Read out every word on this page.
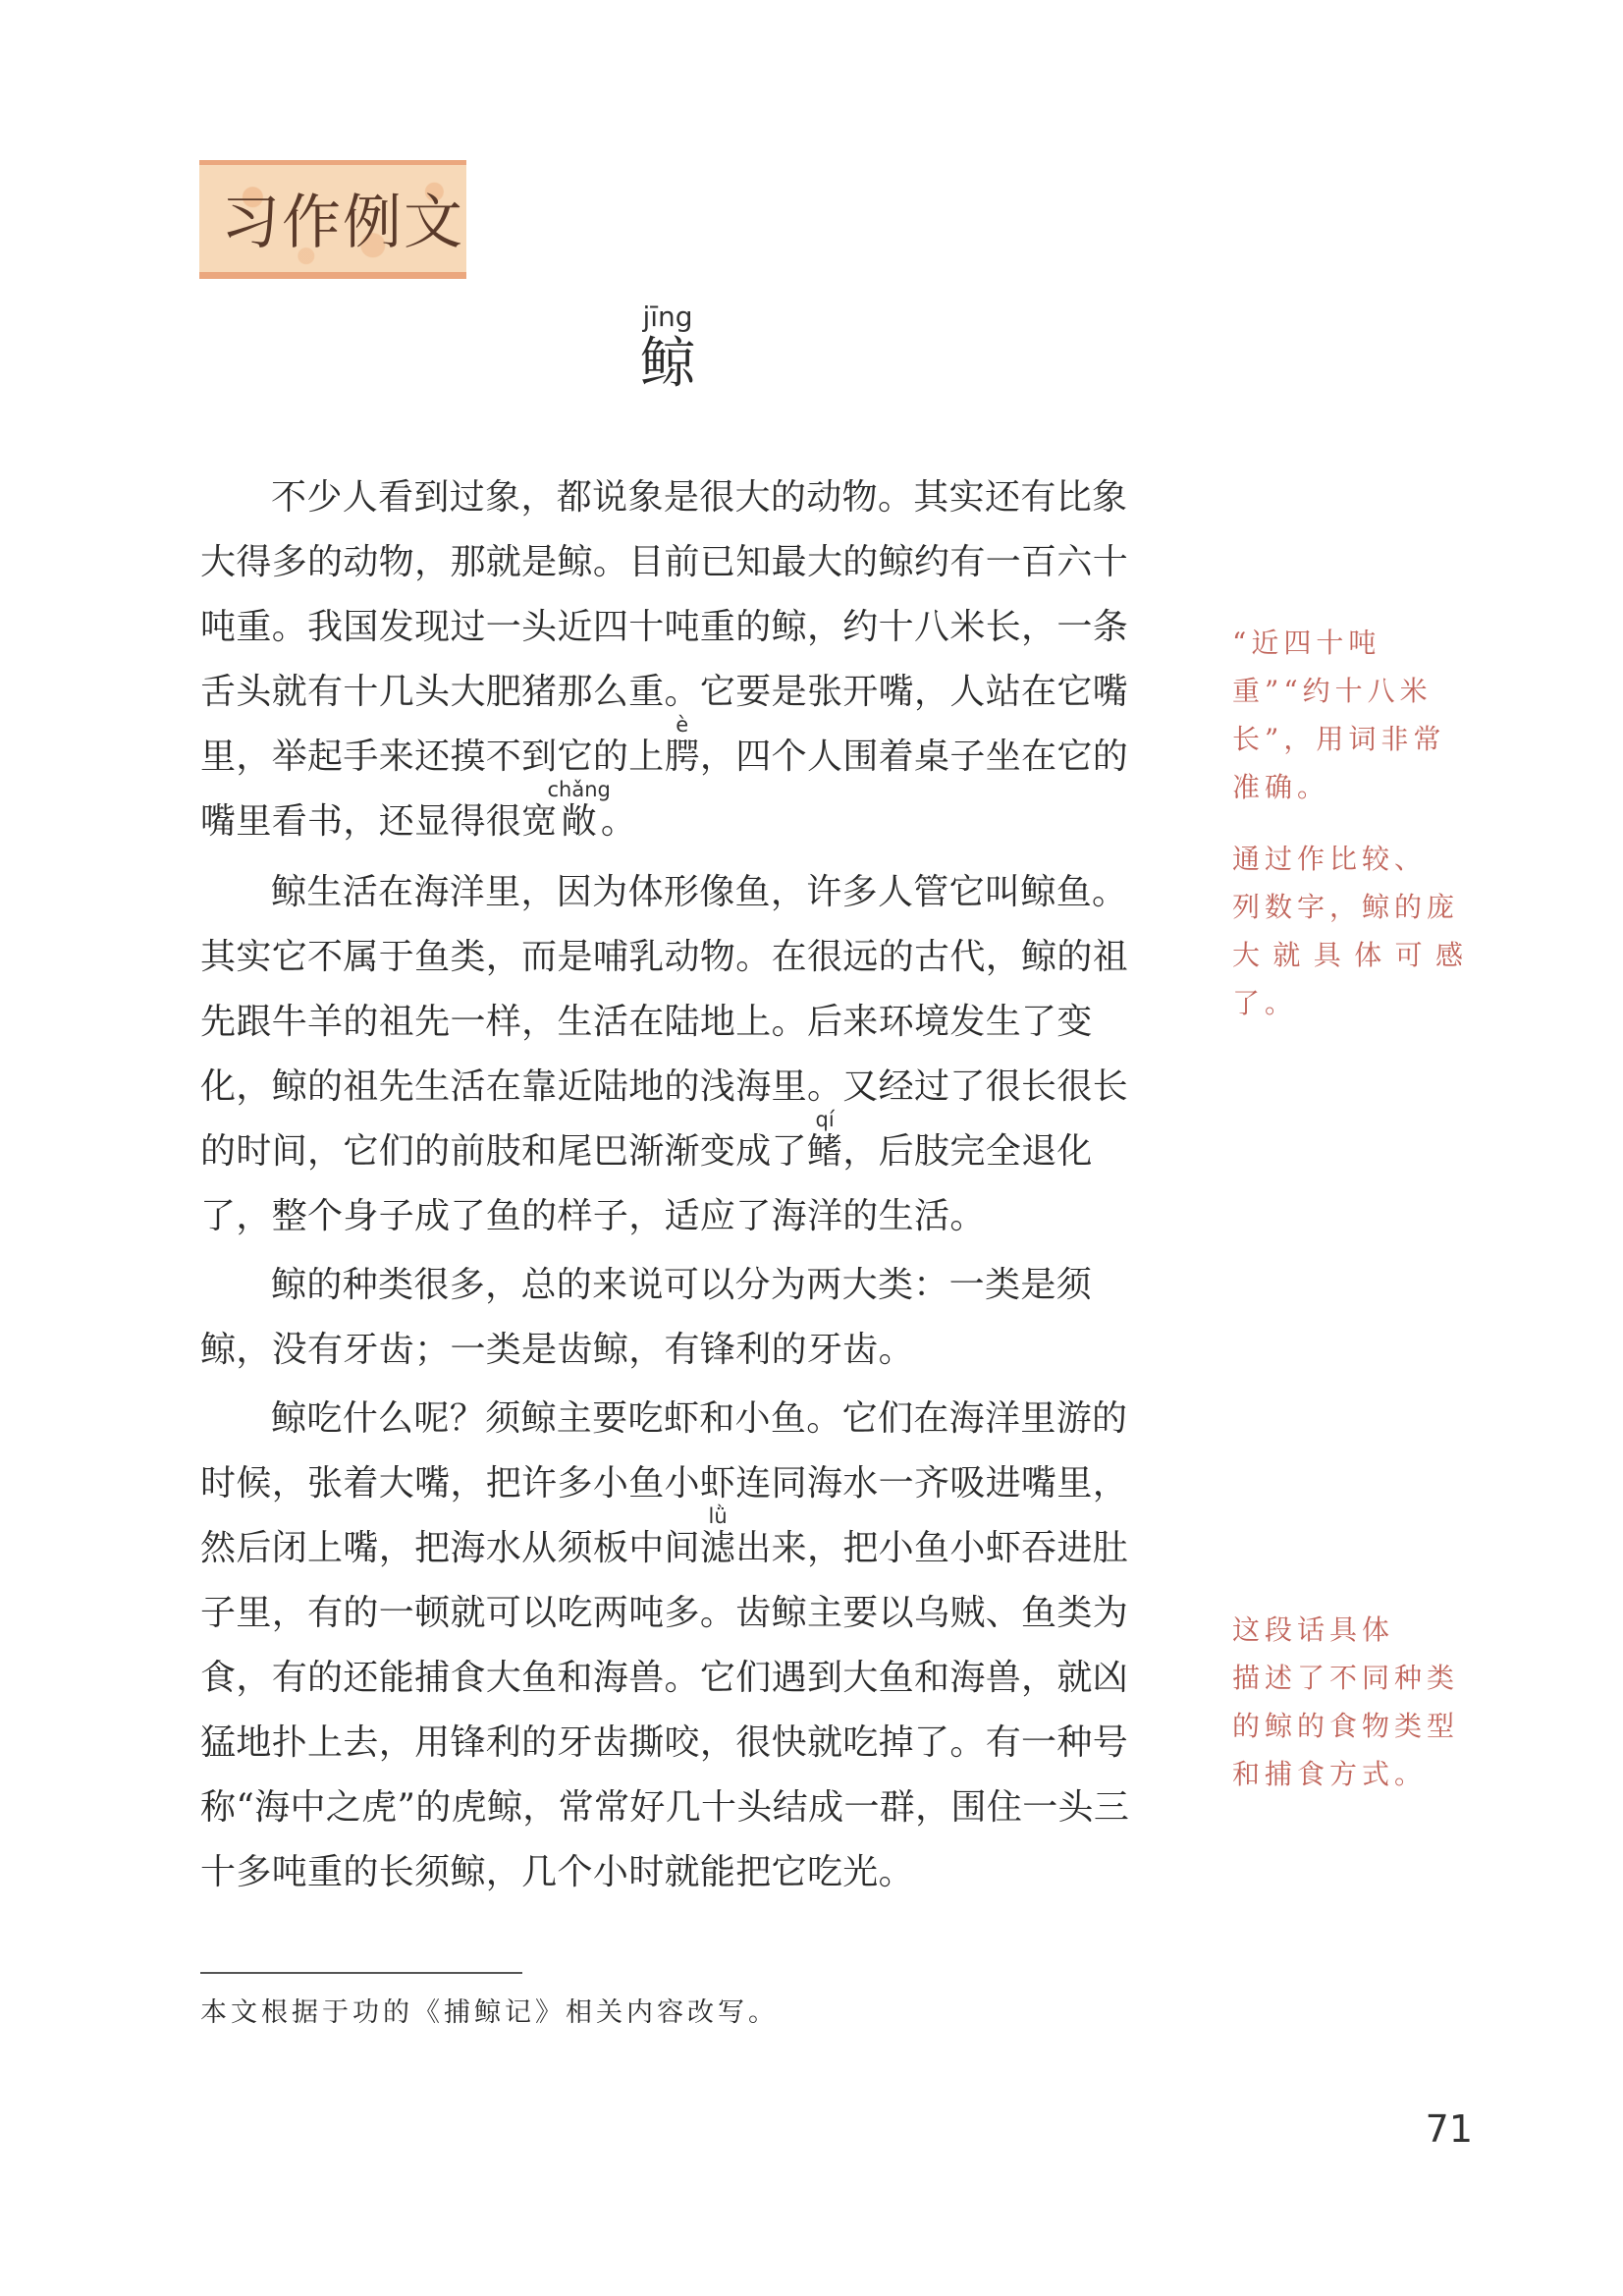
习作例文
jīng
鲸

不少人看到过象，都说象是很大的动物。其实还有比象大得多的动物，那就是鲸。目前已知最大的鲸约有一百六十吨重。我国发现过一头近四十吨重的鲸，约十八米长，一条舌头就有十几头大肥猪那么重。它要是张开嘴，人站在它嘴里，举起手来还摸不到它的上腭è，四个人围着桌子坐在它的嘴里看书，还显得很宽敞chǎng。

鲸生活在海洋里，因为体形像鱼，许多人管它叫鲸鱼。其实它不属于鱼类，而是哺乳动物。在很远的古代，鲸的祖先跟牛羊的祖先一样，生活在陆地上。后来环境发生了变化，鲸的祖先生活在靠近陆地的浅海里。又经过了很长很长的时间，它们的前肢和尾巴渐渐变成了鳍qí，后肢完全退化了，整个身子成了鱼的样子，适应了海洋的生活。

鲸的种类很多，总的来说可以分为两大类：一类是须鲸，没有牙齿；一类是齿鲸，有锋利的牙齿。

鲸吃什么呢？须鲸主要吃虾和小鱼。它们在海洋里游的时候，张着大嘴，把许多小鱼小虾连同海水一齐吸进嘴里，然后闭上嘴，把海水从须板中间滤lǜ出来，把小鱼小虾吞进肚子里，有的一顿就可以吃两吨多。齿鲸主要以乌贼、鱼类为食，有的还能捕食大鱼和海兽。它们遇到大鱼和海兽，就凶猛地扑上去，用锋利的牙齿撕咬，很快就吃掉了。有一种号称“海中之虎”的虎鲸，常常好几十头结成一群，围住一头三十多吨重的长须鲸，几个小时就能把它吃光。

“近四十吨
重”“约十八米
长”，用词非常
准确。
通过作比较、
列数字，鲸的庞
大就具体可感了。
这段话具体
描述了不同种类
的鲸的食物类型
和捕食方式。
本文根据于功的《捕鲸记》相关内容改写。
71
